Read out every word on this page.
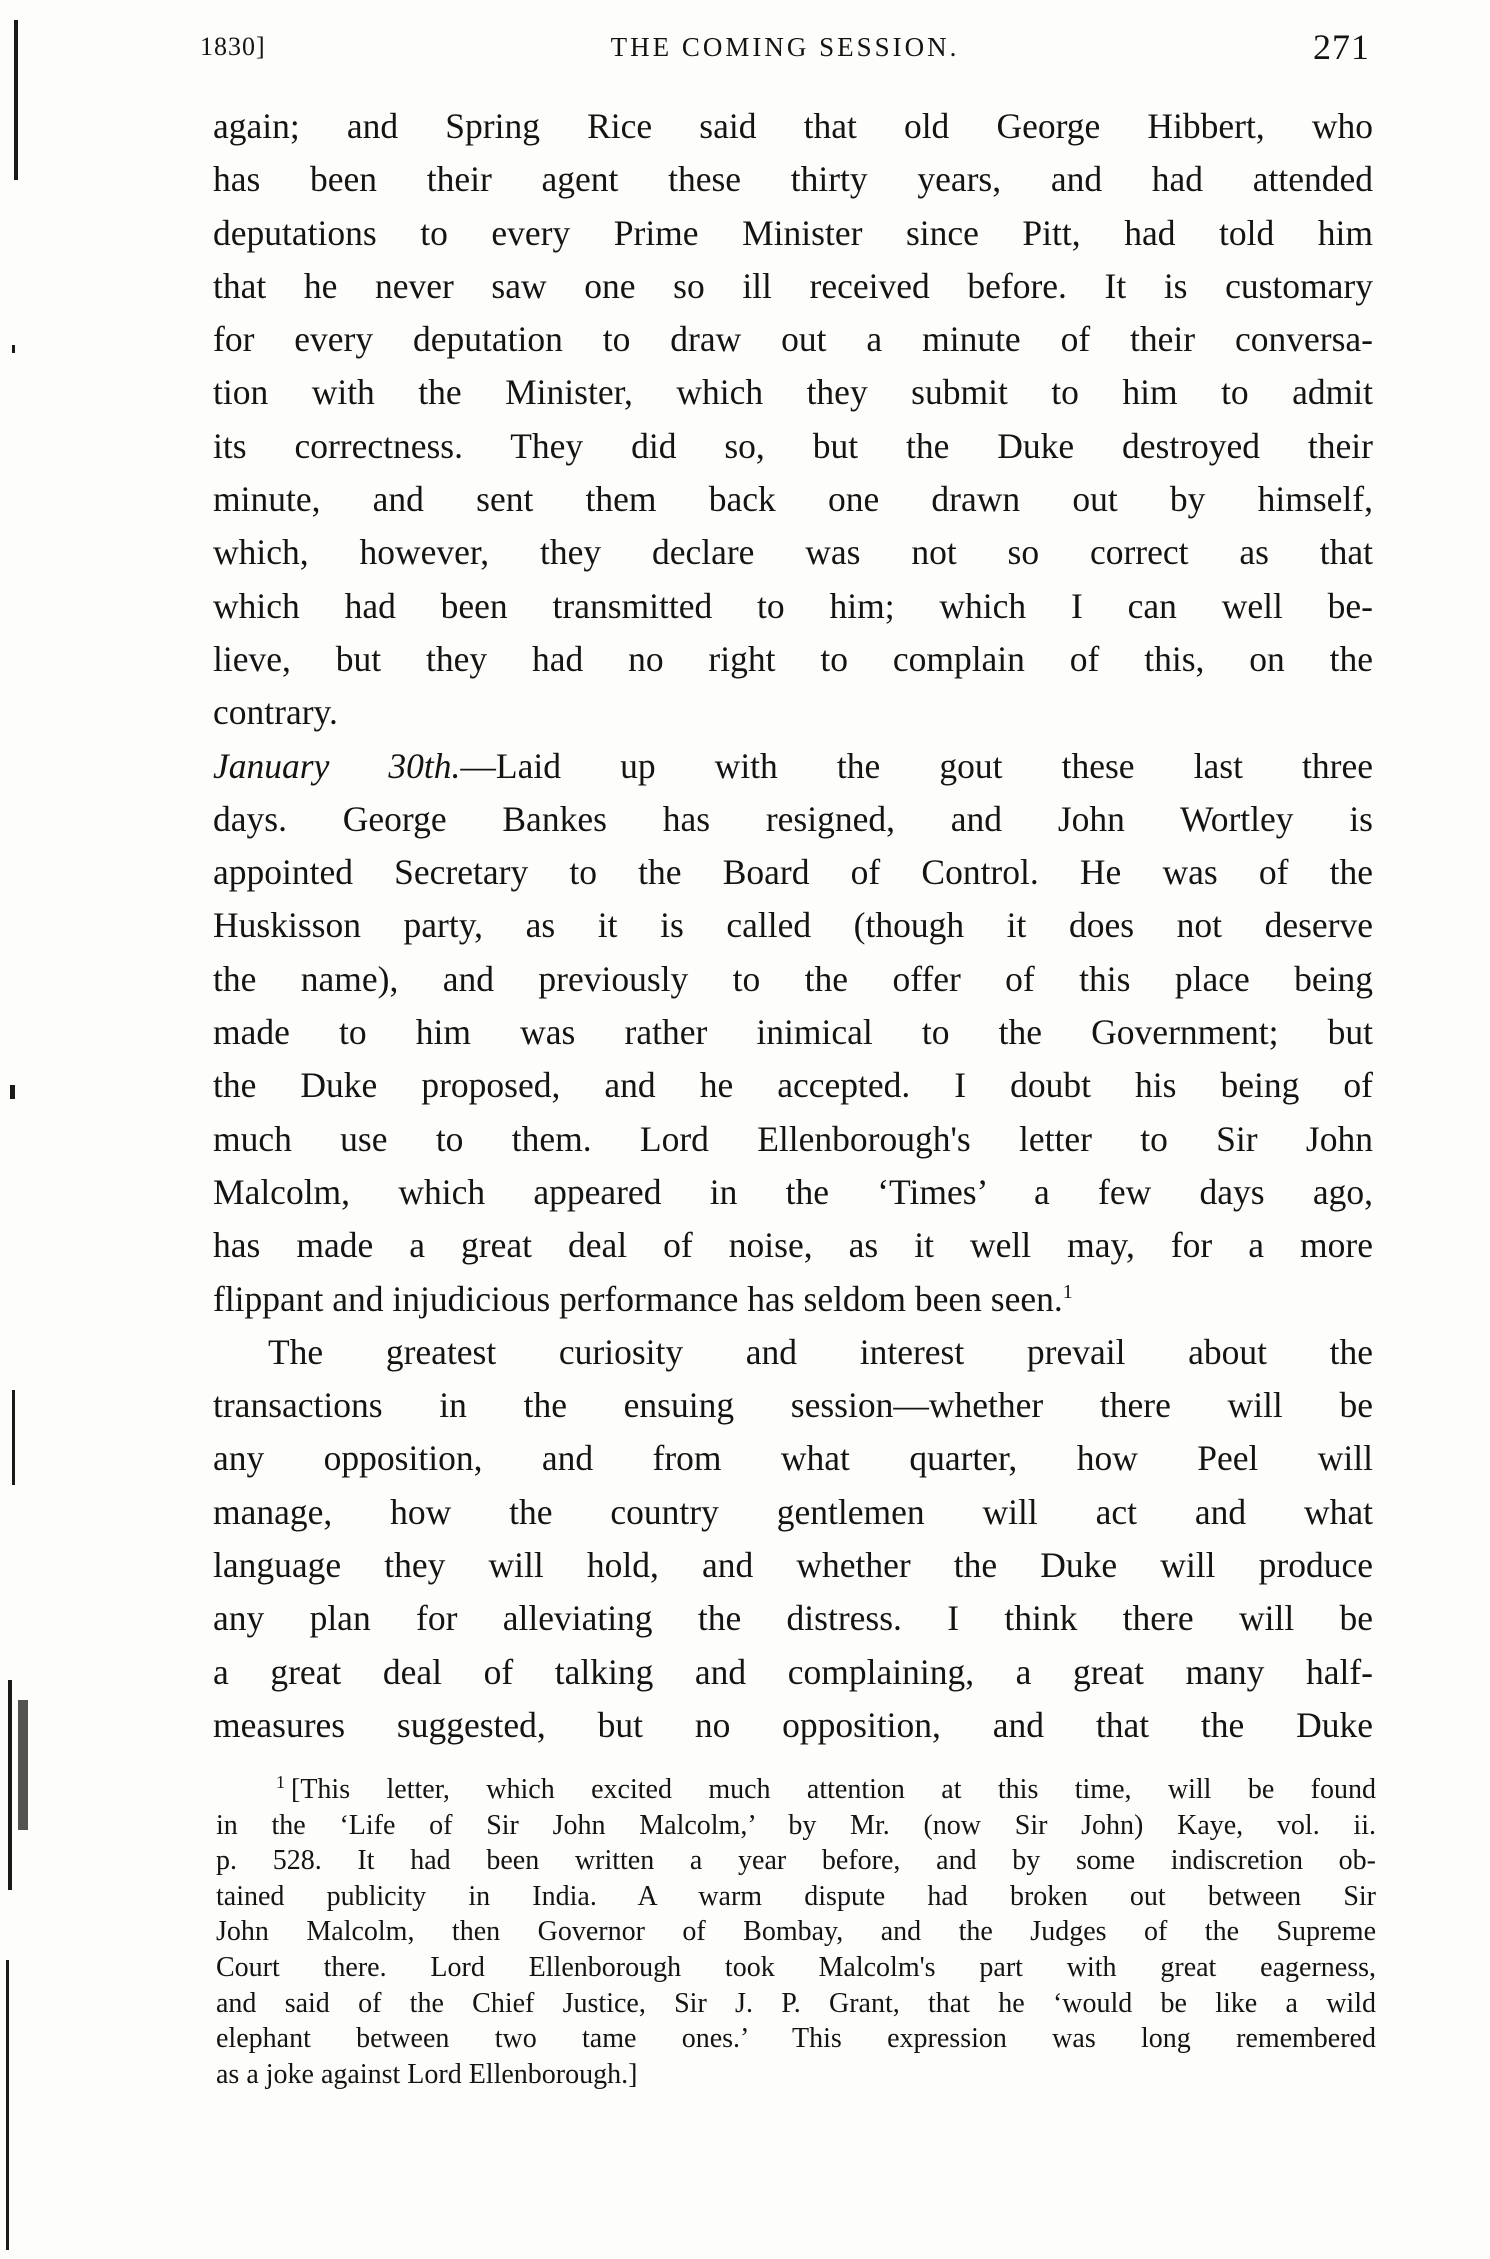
1830]	THE COMING SESSION.	271

again; and Spring Rice said that old George Hibbert, who
has been their agent these thirty years, and had attended
deputations to every Prime Minister since Pitt, had told him
that he never saw one so ill received before. It is customary
for every deputation to draw out a minute of their conversa-
tion with the Minister, which they submit to him to admit
its correctness. They did so, but the Duke destroyed their
minute, and sent them back one drawn out by himself,
which, however, they declare was not so correct as that
which had been transmitted to him; which I can well be-
lieve, but they had no right to complain of this, on the
contrary.

January 30th.—Laid up with the gout these last three
days. George Bankes has resigned, and John Wortley is
appointed Secretary to the Board of Control. He was of the
Huskisson party, as it is called (though it does not deserve
the name), and previously to the offer of this place being
made to him was rather inimical to the Government; but
the Duke proposed, and he accepted. I doubt his being of
much use to them. Lord Ellenborough's letter to Sir John
Malcolm, which appeared in the ‘Times’ a few days ago,
has made a great deal of noise, as it well may, for a more
flippant and injudicious performance has seldom been seen.$^1$

The greatest curiosity and interest prevail about the
transactions in the ensuing session—whether there will be
any opposition, and from what quarter, how Peel will
manage, how the country gentlemen will act and what
language they will hold, and whether the Duke will produce
any plan for alleviating the distress. I think there will be
a great deal of talking and complaining, a great many half-
measures suggested, but no opposition, and that the Duke

$^1$ [This letter, which excited much attention at this time, will be found
in the ‘Life of Sir John Malcolm,’ by Mr. (now Sir John) Kaye, vol. ii.
p. 528. It had been written a year before, and by some indiscretion ob-
tained publicity in India. A warm dispute had broken out between Sir
John Malcolm, then Governor of Bombay, and the Judges of the Supreme
Court there. Lord Ellenborough took Malcolm's part with great eagerness,
and said of the Chief Justice, Sir J. P. Grant, that he ‘would be like a wild
elephant between two tame ones.’ This expression was long remembered
as a joke against Lord Ellenborough.]
